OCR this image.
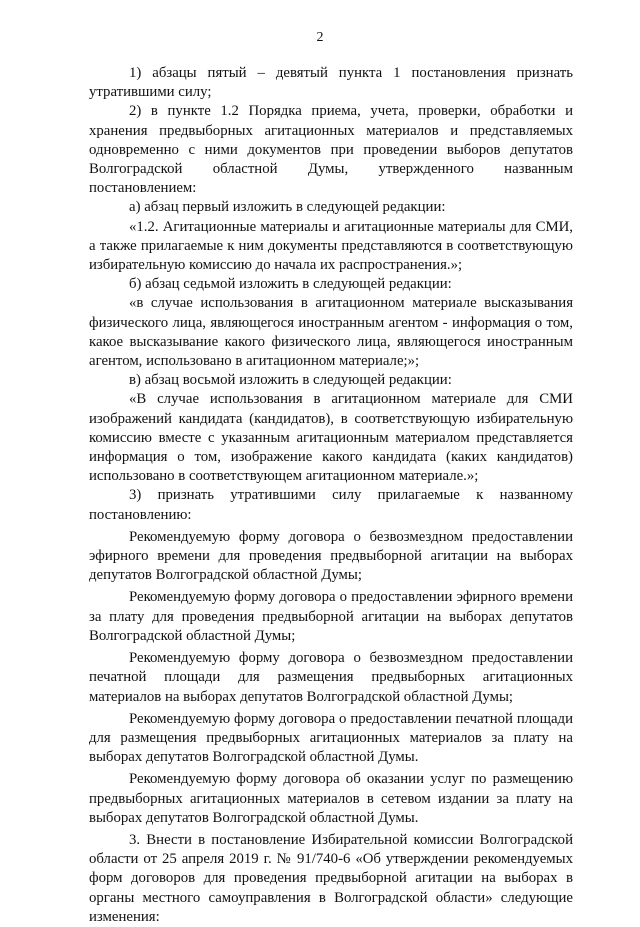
2

1) абзацы пятый – девятый пункта 1 постановления признать утратившими силу;

2) в пункте 1.2 Порядка приема, учета, проверки, обработки и хранения предвыборных агитационных материалов и представляемых одновременно с ними документов при проведении выборов депутатов Волгоградской областной Думы, утвержденного названным постановлением:

а) абзац первый изложить в следующей редакции:

«1.2. Агитационные материалы и агитационные материалы для СМИ, а также прилагаемые к ним документы представляются в соответствующую избирательную комиссию до начала их распространения.»;

б) абзац седьмой изложить в следующей редакции:

«в случае использования в агитационном материале высказывания физического лица, являющегося иностранным агентом - информация о том, какое высказывание какого физического лица, являющегося иностранным агентом, использовано в агитационном материале;»;

в) абзац восьмой изложить в следующей редакции:

«В случае использования в агитационном материале для СМИ изображений кандидата (кандидатов), в соответствующую избирательную комиссию вместе с указанным агитационным материалом представляется информация о том, изображение какого кандидата (каких кандидатов) использовано в соответствующем агитационном материале.»;

3) признать утратившими силу прилагаемые к названному постановлению:

Рекомендуемую форму договора о безвозмездном предоставлении эфирного времени для проведения предвыборной агитации на выборах депутатов Волгоградской областной Думы;

Рекомендуемую форму договора о предоставлении эфирного времени за плату для проведения предвыборной агитации на выборах депутатов Волгоградской областной Думы;

Рекомендуемую форму договора о безвозмездном предоставлении печатной площади для размещения предвыборных агитационных материалов на выборах депутатов Волгоградской областной Думы;

Рекомендуемую форму договора о предоставлении печатной площади для размещения предвыборных агитационных материалов за плату на выборах депутатов Волгоградской областной Думы.

Рекомендуемую форму договора об оказании услуг по размещению предвыборных агитационных материалов в сетевом издании за плату на выборах депутатов Волгоградской областной Думы.

3. Внести в постановление Избирательной комиссии Волгоградской области от 25 апреля 2019 г. № 91/740-6 «Об утверждении рекомендуемых форм договоров для проведения предвыборной агитации на выборах в органы местного самоуправления в Волгоградской области» следующие изменения:
